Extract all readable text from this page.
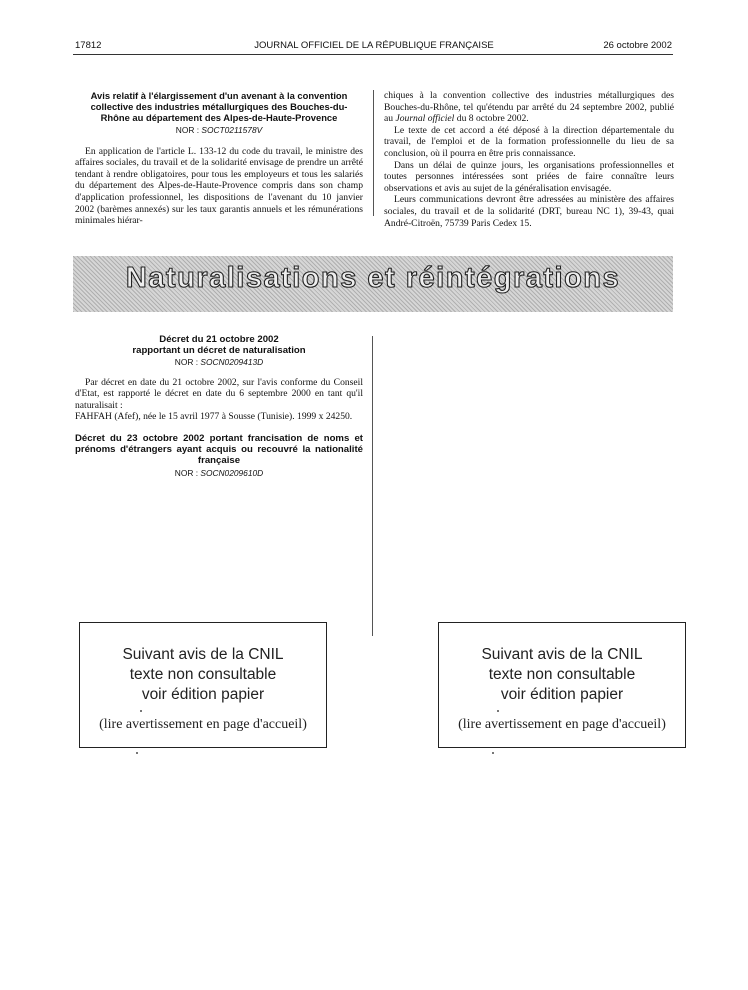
17812	JOURNAL OFFICIEL DE LA RÉPUBLIQUE FRANÇAISE	26 octobre 2002
Avis relatif à l'élargissement d'un avenant à la convention
collective des industries métallurgiques des Bouches-du-
Rhône au département des Alpes-de-Haute-Provence
NOR : SOCT0211578V

En application de l'article L. 133-12 du code du travail, le ministre des affaires sociales, du travail et de la solidarité envisage de prendre un arrêté tendant à rendre obligatoires, pour tous les employeurs et tous les salariés du département des Alpes-de-Haute-Provence compris dans son champ d'application professionnel, les dispositions de l'avenant du 10 janvier 2002 (barèmes annexés) sur les taux garantis annuels et les rémunérations minimales hiérar-

chiques à la convention collective des industries métallurgiques des Bouches-du-Rhône, tel qu'étendu par arrêté du 24 septembre 2002, publié au Journal officiel du 8 octobre 2002.

Le texte de cet accord a été déposé à la direction départementale du travail, de l'emploi et de la formation professionnelle du lieu de sa conclusion, où il pourra en être pris connaissance.

Dans un délai de quinze jours, les organisations professionnelles et toutes personnes intéressées sont priées de faire connaître leurs observations et avis au sujet de la généralisation envisagée.

Leurs communications devront être adressées au ministère des affaires sociales, du travail et de la solidarité (DRT, bureau NC 1), 39-43, quai André-Citroën, 75739 Paris Cedex 15.

Naturalisations et réintégrations
Décret du 21 octobre 2002
rapportant un décret de naturalisation
NOR : SOCN0209413D

Par décret en date du 21 octobre 2002, sur l'avis conforme du Conseil d'Etat, est rapporté le décret en date du 6 septembre 2000 en tant qu'il naturalisait :

FAHFAH (Afef), née le 15 avril 1977 à Sousse (Tunisie). 1999 x 24250.

Décret du 23 octobre 2002 portant francisation de noms et prénoms d'étrangers ayant acquis ou recouvré la nationalité française
NOR : SOCN0209610D
Suivant avis de la CNIL
texte non consultable
voir édition papier
(lire avertissement en page d'accueil)
Suivant avis de la CNIL
texte non consultable
voir édition papier
(lire avertissement en page d'accueil)
